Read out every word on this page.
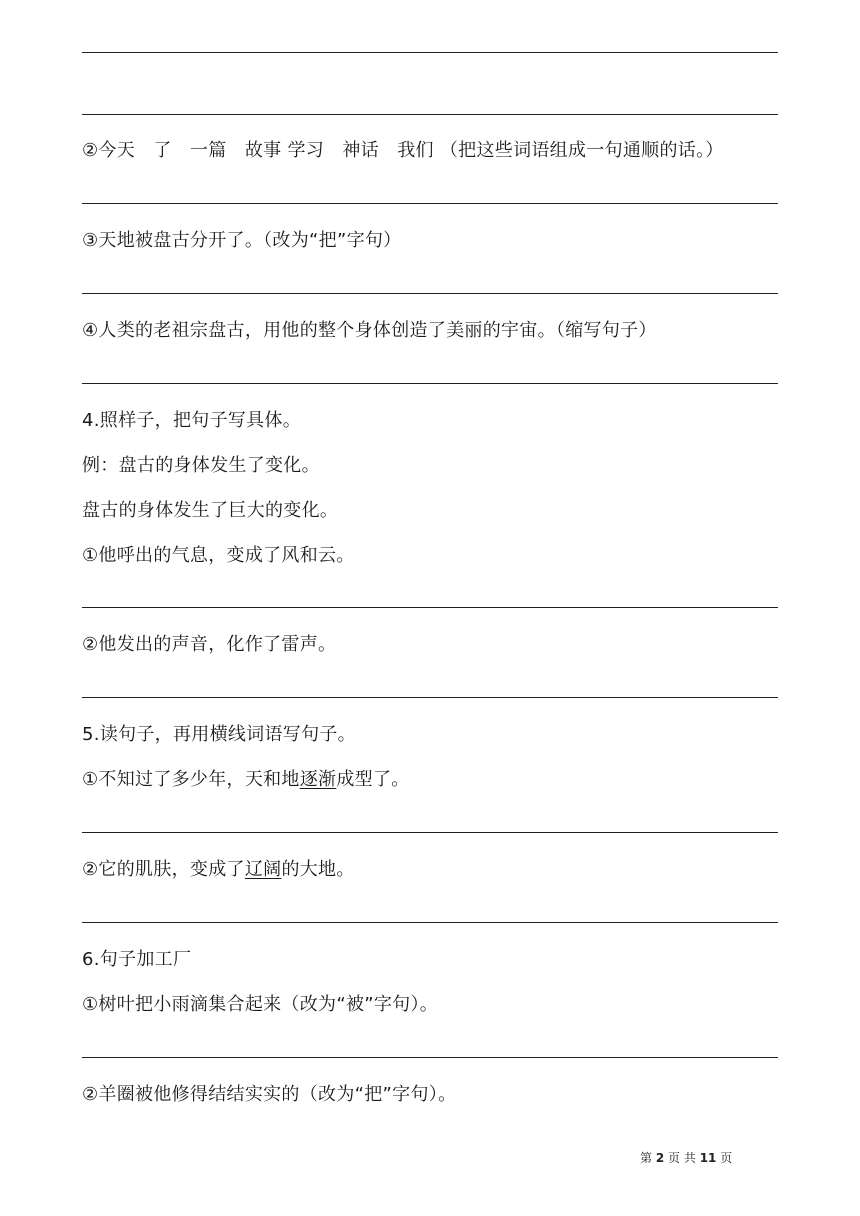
②今天　了　一篇　故事 学习　神话　我们 （把这些词语组成一句通顺的话。）
③天地被盘古分开了。（改为“把”字句）
④人类的老祖宗盘古，用他的整个身体创造了美丽的宇宙。（缩写句子）
4.照样子，把句子写具体。
例：盘古的身体发生了变化。
盘古的身体发生了巨大的变化。
①他呼出的气息，变成了风和云。
②他发出的声音，化作了雷声。
5.读句子，再用横线词语写句子。
①不知过了多少年，天和地逐渐成型了。
②它的肌肤，变成了辽阔的大地。
6.句子加工厂
①树叶把小雨滴集合起来（改为“被”字句）。
②羊圈被他修得结结实实的（改为“把”字句）。
第 2 页 共 11 页
